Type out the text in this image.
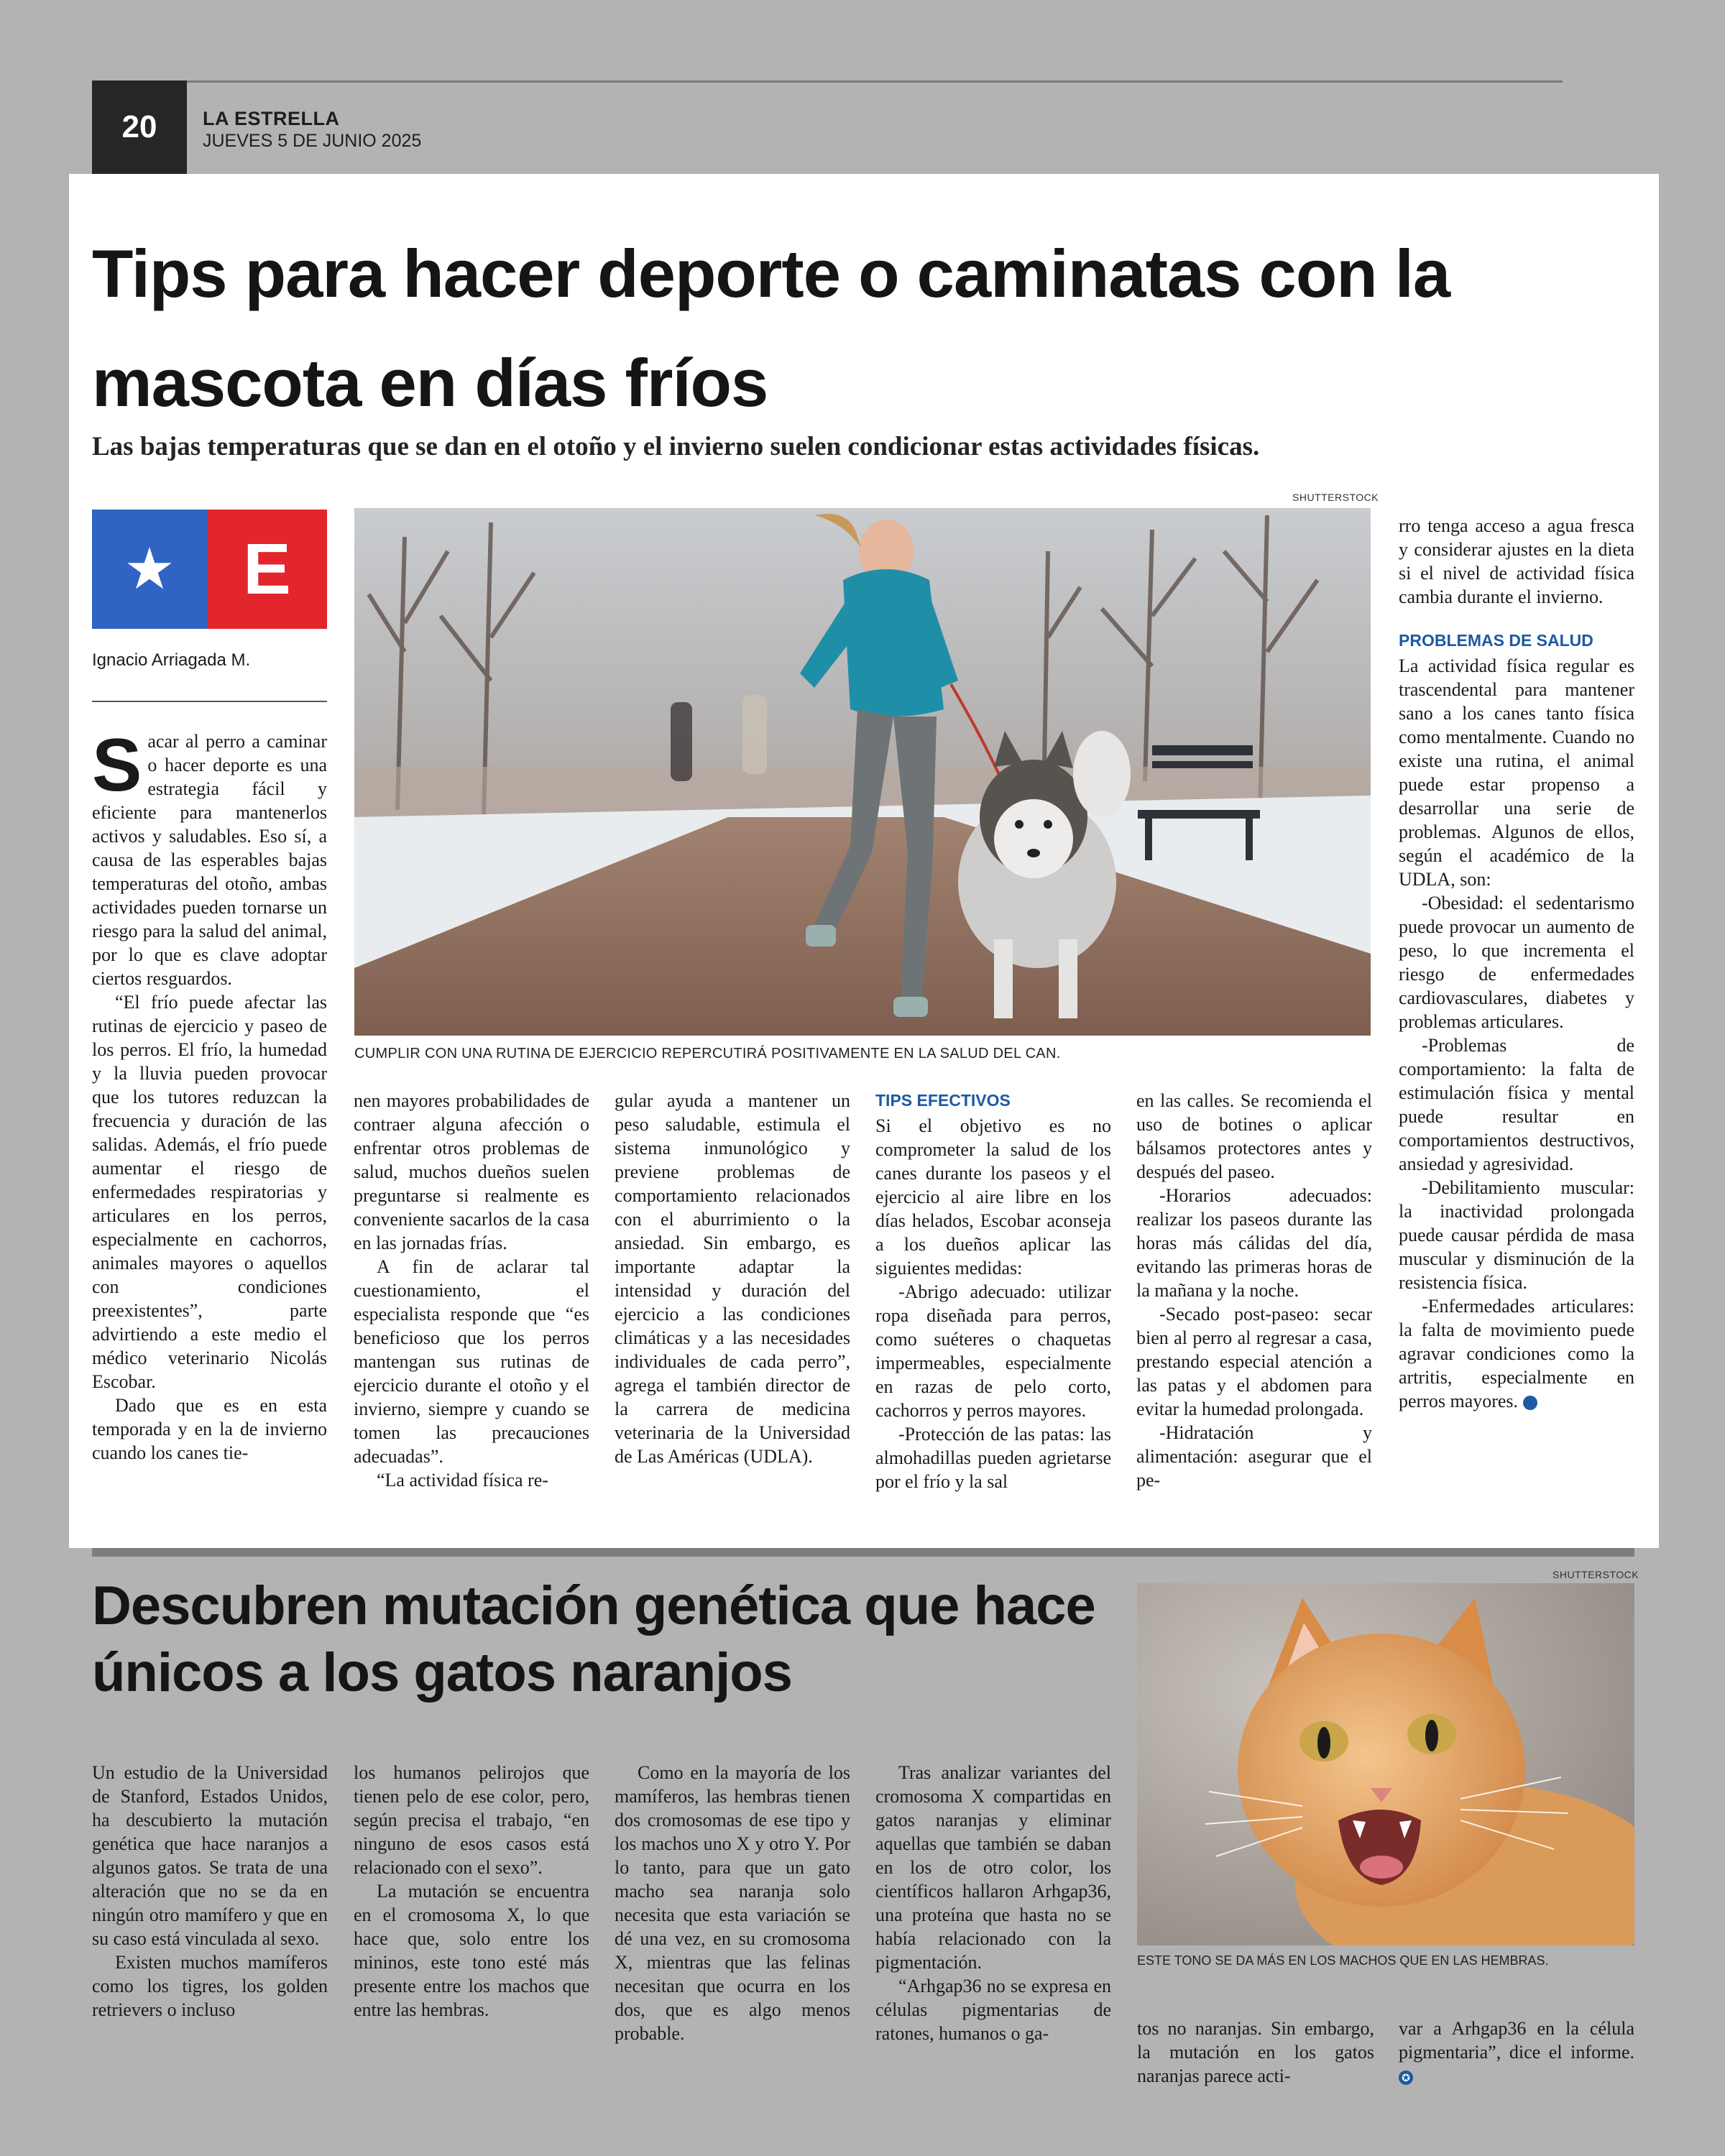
20	LA ESTRELLA
JUEVES 5 DE JUNIO 2025
Tips para hacer deporte o caminatas con la mascota en días fríos
Las bajas temperaturas que se dan en el otoño y el invierno suelen condicionar estas actividades físicas.
SHUTTERSTOCK
★ E
Ignacio Arriagada M.
CUMPLIR CON UNA RUTINA DE EJERCICIO REPERCUTIRÁ POSITIVAMENTE EN LA SALUD DEL CAN.

Sacar al perro a caminar o hacer deporte es una estrategia fácil y eficiente para mantenerlos activos y saludables. Eso sí, a causa de las esperables bajas temperaturas del otoño, ambas actividades pueden tornarse un riesgo para la salud del animal, por lo que es clave adoptar ciertos resguardos.

“El frío puede afectar las rutinas de ejercicio y paseo de los perros. El frío, la humedad y la lluvia pueden provocar que los tutores reduzcan la frecuencia y duración de las salidas. Además, el frío puede aumentar el riesgo de enfermedades respiratorias y articulares en los perros, especialmente en cachorros, animales mayores o aquellos con condiciones preexistentes”, parte advirtiendo a este medio el médico veterinario Nicolás Escobar.

Dado que es en esta temporada y en la de invierno cuando los canes tie-

nen mayores probabilidades de contraer alguna afección o enfrentar otros problemas de salud, muchos dueños suelen preguntarse si realmente es conveniente sacarlos de la casa en las jornadas frías.

A fin de aclarar tal cuestionamiento, el especialista responde que “es beneficioso que los perros mantengan sus rutinas de ejercicio durante el otoño y el invierno, siempre y cuando se tomen las precauciones adecuadas”.

“La actividad física re-

gular ayuda a mantener un peso saludable, estimula el sistema inmunológico y previene problemas de comportamiento relacionados con el aburrimiento o la ansiedad. Sin embargo, es importante adaptar la intensidad y duración del ejercicio a las condiciones climáticas y a las necesidades individuales de cada perro”, agrega el también director de la carrera de medicina veterinaria de la Universidad de Las Américas (UDLA).

TIPS EFECTIVOS

Si el objetivo es no comprometer la salud de los canes durante los paseos y el ejercicio al aire libre en los días helados, Escobar aconseja a los dueños aplicar las siguientes medidas:

-Abrigo adecuado: utilizar ropa diseñada para perros, como suéteres o chaquetas impermeables, especialmente en razas de pelo corto, cachorros y perros mayores.

-Protección de las patas: las almohadillas pueden agrietarse por el frío y la sal

en las calles. Se recomienda el uso de botines o aplicar bálsamos protectores antes y después del paseo.

-Horarios adecuados: realizar los paseos durante las horas más cálidas del día, evitando las primeras horas de la mañana y la noche.

-Secado post-paseo: secar bien al perro al regresar a casa, prestando especial atención a las patas y el abdomen para evitar la humedad prolongada.

-Hidratación y alimentación: asegurar que el pe-

rro tenga acceso a agua fresca y considerar ajustes en la dieta si el nivel de actividad física cambia durante el invierno.

PROBLEMAS DE SALUD

La actividad física regular es trascendental para mantener sano a los canes tanto física como mentalmente. Cuando no existe una rutina, el animal puede estar propenso a desarrollar una serie de problemas. Algunos de ellos, según el académico de la UDLA, son:

-Obesidad: el sedentarismo puede provocar un aumento de peso, lo que incrementa el riesgo de enfermedades cardiovasculares, diabetes y problemas articulares.

-Problemas de comportamiento: la falta de estimulación física y mental puede resultar en comportamientos destructivos, ansiedad y agresividad.

-Debilitamiento muscular: la inactividad prolongada puede causar pérdida de masa muscular y disminución de la resistencia física.

-Enfermedades articulares: la falta de movimiento puede agravar condiciones como la artritis, especialmente en perros mayores.	✪

Descubren mutación genética que hace únicos a los gatos naranjos
SHUTTERSTOCK
ESTE TONO SE DA MÁS EN LOS MACHOS QUE EN LAS HEMBRAS.

Un estudio de la Universidad de Stanford, Estados Unidos, ha descubierto la mutación genética que hace naranjos a algunos gatos. Se trata de una alteración que no se da en ningún otro mamífero y que en su caso está vinculada al sexo.

Existen muchos mamíferos como los tigres, los golden retrievers o incluso

los humanos pelirojos que tienen pelo de ese color, pero, según precisa el trabajo, “en ninguno de esos casos está relacionado con el sexo”.

La mutación se encuentra en el cromosoma X, lo que hace que, solo entre los mininos, este tono esté más presente entre los machos que entre las hembras.

Como en la mayoría de los mamíferos, las hembras tienen dos cromosomas de ese tipo y los machos uno X y otro Y. Por lo tanto, para que un gato macho sea naranja solo necesita que esta variación se dé una vez, en su cromosoma X, mientras que las felinas necesitan que ocurra en los dos, que es algo menos probable.

Tras analizar variantes del cromosoma X compartidas en gatos naranjas y eliminar aquellas que también se daban en los de otro color, los científicos hallaron Arhgap36, una proteína que hasta no se había relacionado con la pigmentación.

“Arhgap36 no se expresa en células pigmentarias de ratones, humanos o ga-	tos no naranjas. Sin embargo, la mutación en los gatos naranjas parece acti-

var a Arhgap36 en la célula pigmentaria”, dice el informe. ✪
